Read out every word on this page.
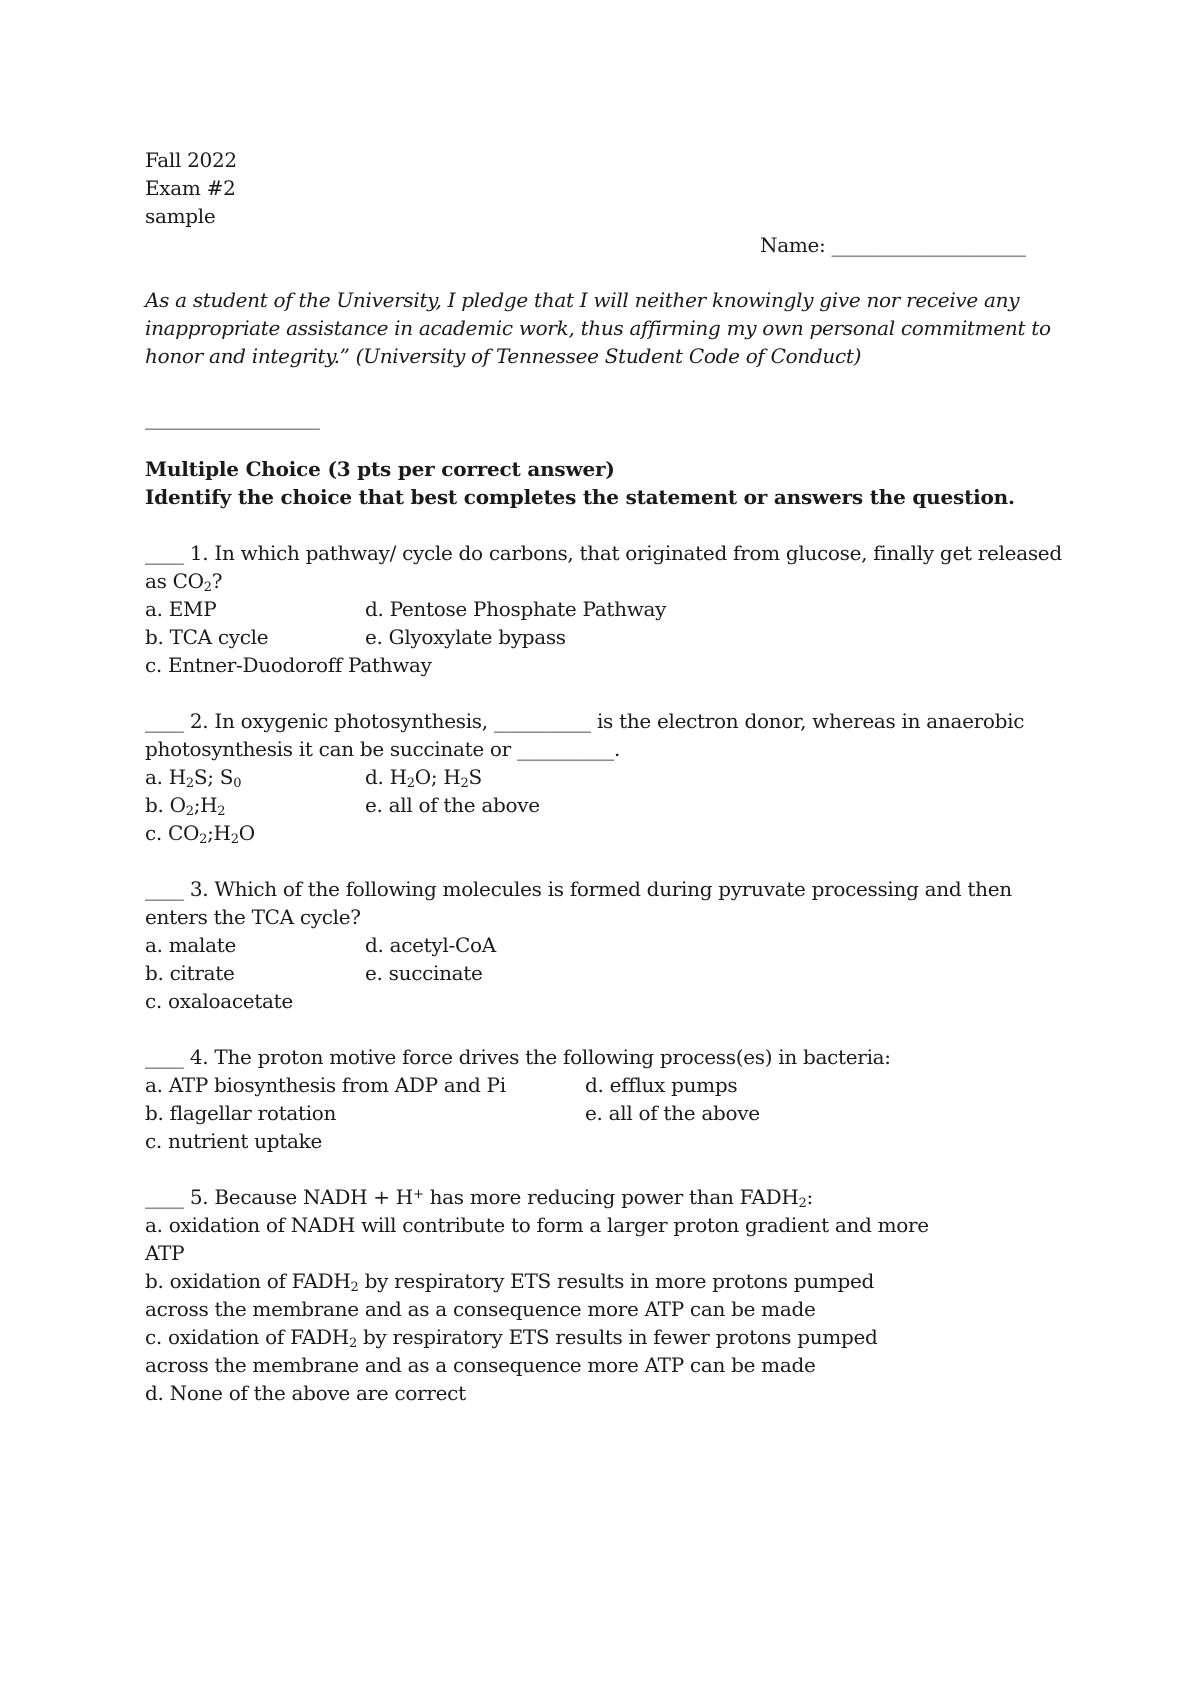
Fall 2022
Exam #2
sample
Name: ____________________
As a student of the University, I pledge that I will neither knowingly give nor receive any
inappropriate assistance in academic work, thus affirming my own personal commitment to
honor and integrity.” (University of Tennessee Student Code of Conduct)
__________________
Multiple Choice (3 pts per correct answer)
Identify the choice that best completes the statement or answers the question.
____ 1. In which pathway/ cycle do carbons, that originated from glucose, finally get released
as $CO_2$?
a. EMP	d. Pentose Phosphate Pathway
b. TCA cycle	e. Glyoxylate bypass
c. Entner-Duodoroff Pathway
____ 2. In oxygenic photosynthesis, __________ is the electron donor, whereas in anaerobic
photosynthesis it can be succinate or __________.
a. $H_2S$; $S_0$	d. $H_2O$; $H_2S$
b. $O_2;H_2$	e. all of the above
c. $CO_2;H_2O$
____ 3. Which of the following molecules is formed during pyruvate processing and then
enters the TCA cycle?
a. malate	d. acetyl-CoA
b. citrate	e. succinate
c. oxaloacetate
____ 4. The proton motive force drives the following process(es) in bacteria:
a. ATP biosynthesis from ADP and Pi	d. efflux pumps
b. flagellar rotation	e. all of the above
c. nutrient uptake
____ 5. Because NADH + H+ has more reducing power than $FADH_2$:
a. oxidation of NADH will contribute to form a larger proton gradient and more
ATP
b. oxidation of $FADH_2$ by respiratory ETS results in more protons pumped
across the membrane and as a consequence more ATP can be made
c. oxidation of $FADH_2$ by respiratory ETS results in fewer protons pumped
across the membrane and as a consequence more ATP can be made
d. None of the above are correct
